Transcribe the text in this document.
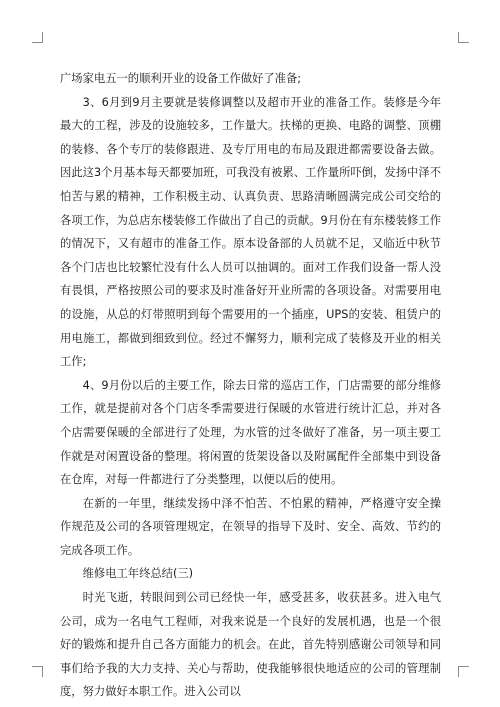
广场家电五一的顺利开业的设备工作做好了准备;

3、6月到9月主要就是装修调整以及超市开业的准备工作。装修是今年最大的工程，涉及的设施较多，工作量大。扶梯的更换、电路的调整、顶棚的装修、各个专厅的装修跟进、及专厅用电的布局及跟进都需要设备去做。因此这3个月基本每天都要加班，可我没有被累、工作量所吓倒，发扬中泽不怕苦与累的精神，工作积极主动、认真负责、思路清晰圆满完成公司交给的各项工作，为总店东楼装修工作做出了自己的贡献。9月份在有东楼装修工作的情况下，又有超市的准备工作。原本设备部的人员就不足，又临近中秋节各个门店也比较繁忙没有什么人员可以抽调的。面对工作我们设备一帮人没有畏惧，严格按照公司的要求及时准备好开业所需的各项设备。对需要用电的设施，从总的灯带照明到每个需要用的一个插座，UPS的安装、租赁户的用电施工，都做到细致到位。经过不懈努力，顺利完成了装修及开业的相关工作;

4、9月份以后的主要工作，除去日常的巡店工作，门店需要的部分维修工作，就是提前对各个门店冬季需要进行保暖的水管进行统计汇总，并对各个店需要保暖的全部进行了处理，为水管的过冬做好了准备，另一项主要工作就是对闲置设备的整理。将闲置的货架设备以及附属配件全部集中到设备在仓库，对每一件都进行了分类整理，以便以后的使用。

在新的一年里，继续发扬中泽不怕苦、不怕累的精神，严格遵守安全操作规范及公司的各项管理规定，在领导的指导下及时、安全、高效、节约的完成各项工作。

维修电工年终总结(三)

时光飞逝，转眼间到公司已经快一年，感受甚多，收获甚多。进入电气公司，成为一名电气工程师，对我来说是一个良好的发展机遇，也是一个很好的锻炼和提升自己各方面能力的机会。在此，首先特别感谢公司领导和同事们给予我的大力支持、关心与帮助，使我能够很快地适应的公司的管理制度，努力做好本职工作。进入公司以
